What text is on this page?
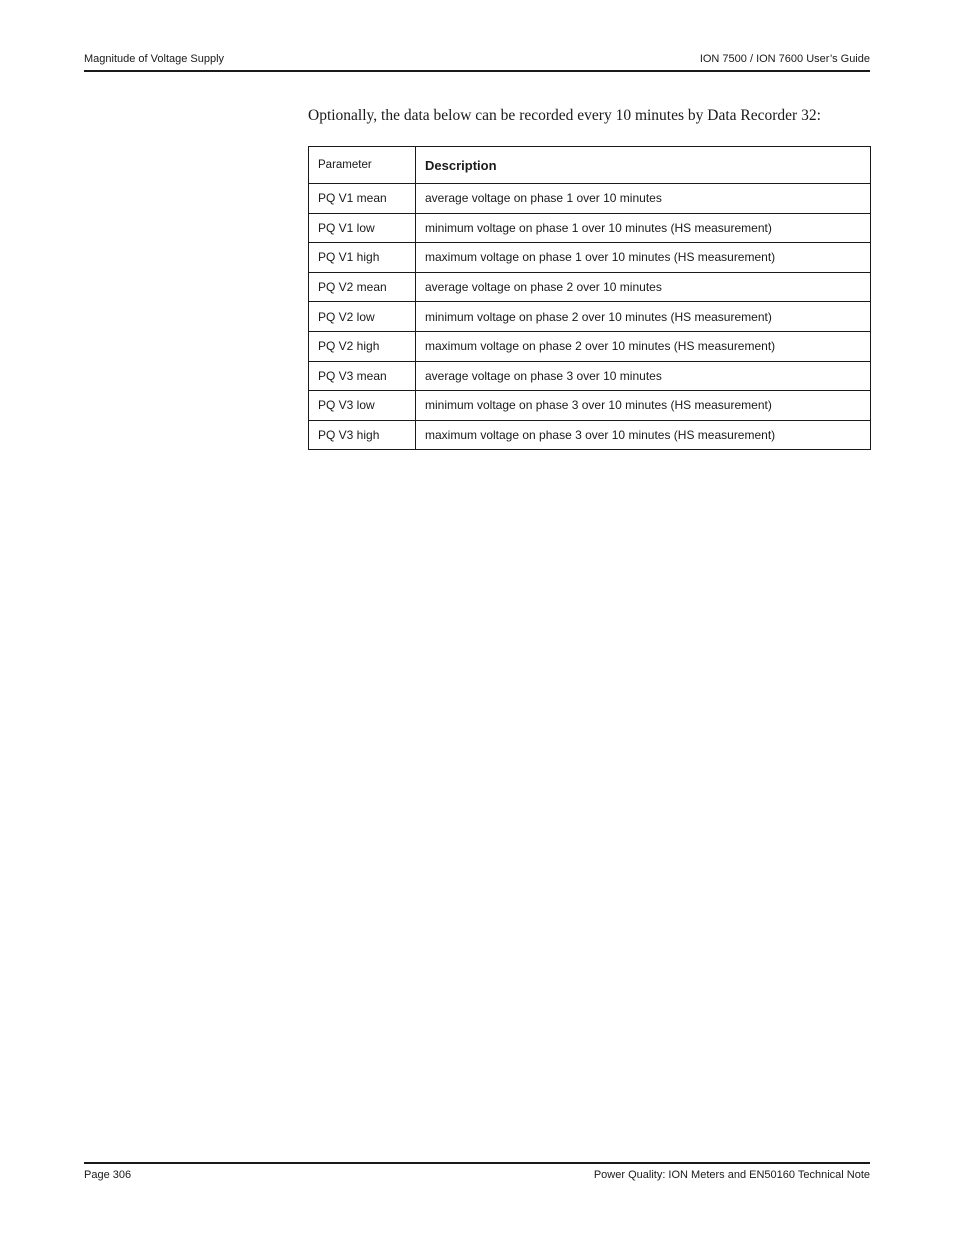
Magnitude of Voltage Supply	ION 7500 / ION 7600 User’s Guide
Optionally, the data below can be recorded every 10 minutes by Data Recorder 32:
Parameter	Description
PQ V1 mean	average voltage on phase 1 over 10 minutes
PQ V1 low	minimum voltage on phase 1 over 10 minutes (HS measurement)
PQ V1 high	maximum voltage on phase 1 over 10 minutes (HS measurement)
PQ V2 mean	average voltage on phase 2 over 10 minutes
PQ V2 low	minimum voltage on phase 2 over 10 minutes (HS measurement)
PQ V2 high	maximum voltage on phase 2 over 10 minutes (HS measurement)
PQ V3 mean	average voltage on phase 3 over 10 minutes
PQ V3 low	minimum voltage on phase 3 over 10 minutes (HS measurement)
PQ V3 high	maximum voltage on phase 3 over 10 minutes (HS measurement)
Page 306	Power Quality: ION Meters and EN50160 Technical Note
